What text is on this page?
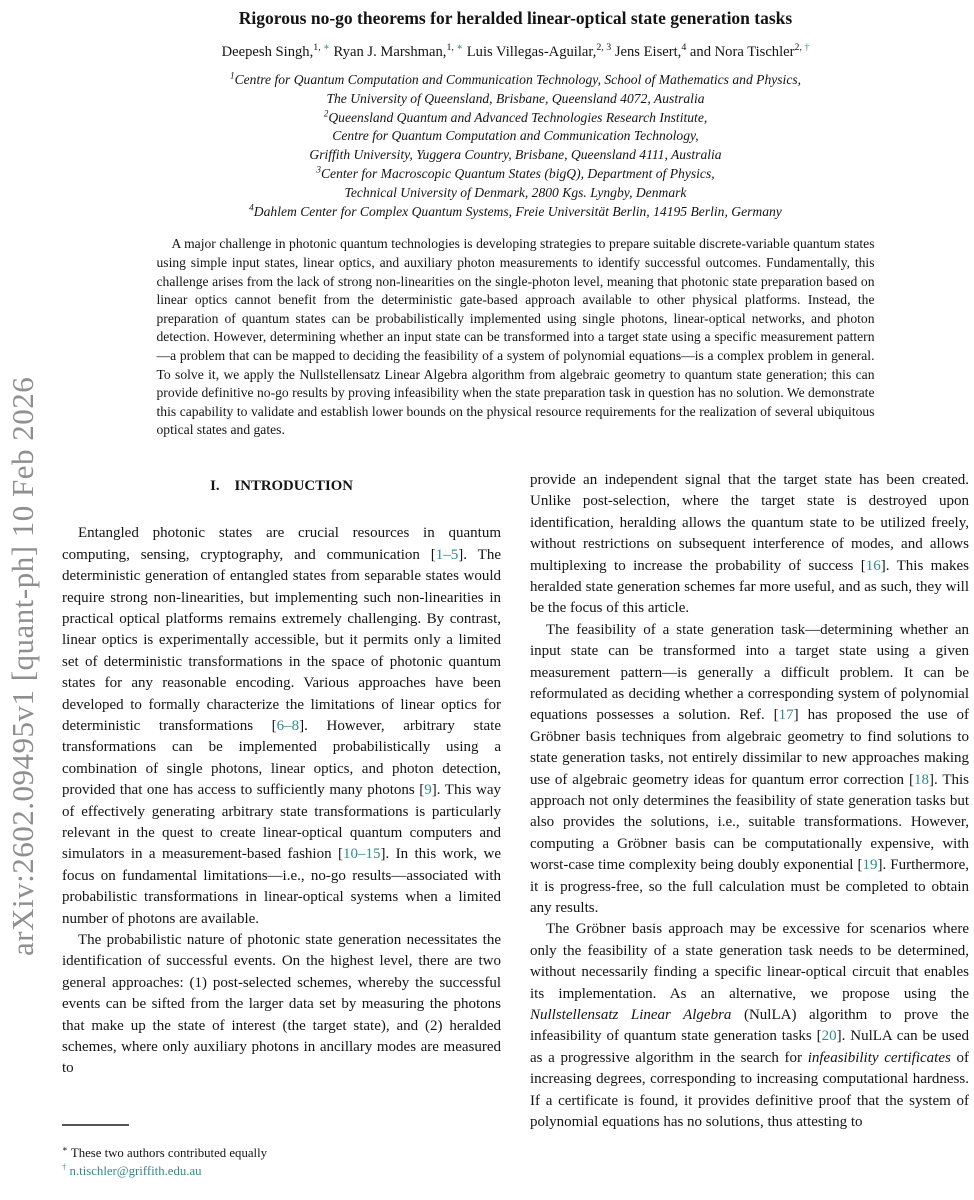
arXiv:2602.09495v1 [quant-ph] 10 Feb 2026
Rigorous no-go theorems for heralded linear-optical state generation tasks
Deepesh Singh,$^{1, ∗}$ Ryan J. Marshman,$^{1, ∗}$ Luis Villegas-Aguilar,$^{2, 3}$ Jens Eisert,$^4$ and Nora Tischler$^{2, \dagger}$
$^1$Centre for Quantum Computation and Communication Technology, School of Mathematics and Physics,
The University of Queensland, Brisbane, Queensland 4072, Australia
$^2$Queensland Quantum and Advanced Technologies Research Institute,
Centre for Quantum Computation and Communication Technology,
Griffith University, Yuggera Country, Brisbane, Queensland 4111, Australia
$^3$Center for Macroscopic Quantum States (bigQ), Department of Physics,
Technical University of Denmark, 2800 Kgs. Lyngby, Denmark
$^4$Dahlem Center for Complex Quantum Systems, Freie Universität Berlin, 14195 Berlin, Germany
A major challenge in photonic quantum technologies is developing strategies to prepare suitable discrete-variable quantum states using simple input states, linear optics, and auxiliary photon measurements to identify successful outcomes. Fundamentally, this challenge arises from the lack of strong non-linearities on the single-photon level, meaning that photonic state preparation based on linear optics cannot benefit from the deterministic gate-based approach available to other physical platforms. Instead, the preparation of quantum states can be probabilistically implemented using single photons, linear-optical networks, and photon detection. However, determining whether an input state can be transformed into a target state using a specific measurement pattern—a problem that can be mapped to deciding the feasibility of a system of polynomial equations—is a complex problem in general. To solve it, we apply the Nullstellensatz Linear Algebra algorithm from algebraic geometry to quantum state generation; this can provide definitive no-go results by proving infeasibility when the state preparation task in question has no solution. We demonstrate this capability to validate and establish lower bounds on the physical resource requirements for the realization of several ubiquitous optical states and gates.
I. INTRODUCTION

Entangled photonic states are crucial resources in quantum computing, sensing, cryptography, and communication [1–5]. The deterministic generation of entangled states from separable states would require strong non-linearities, but implementing such non-linearities in practical optical platforms remains extremely challenging. By contrast, linear optics is experimentally accessible, but it permits only a limited set of deterministic transformations in the space of photonic quantum states for any reasonable encoding. Various approaches have been developed to formally characterize the limitations of linear optics for deterministic transformations [6–8]. However, arbitrary state transformations can be implemented probabilistically using a combination of single photons, linear optics, and photon detection, provided that one has access to sufficiently many photons [9]. This way of effectively generating arbitrary state transformations is particularly relevant in the quest to create linear-optical quantum computers and simulators in a measurement-based fashion [10–15]. In this work, we focus on fundamental limitations—i.e., no-go results—associated with probabilistic transformations in linear-optical systems when a limited number of photons are available.

The probabilistic nature of photonic state generation necessitates the identification of successful events. On the highest level, there are two general approaches: (1) post-selected schemes, whereby the successful events can be sifted from the larger data set by measuring the photons that make up the state of interest (the target state), and (2) heralded schemes, where only auxiliary photons in ancillary modes are measured to

provide an independent signal that the target state has been created. Unlike post-selection, where the target state is destroyed upon identification, heralding allows the quantum state to be utilized freely, without restrictions on subsequent interference of modes, and allows multiplexing to increase the probability of success [16]. This makes heralded state generation schemes far more useful, and as such, they will be the focus of this article.

The feasibility of a state generation task—determining whether an input state can be transformed into a target state using a given measurement pattern—is generally a difficult problem. It can be reformulated as deciding whether a corresponding system of polynomial equations possesses a solution. Ref. [17] has proposed the use of Gröbner basis techniques from algebraic geometry to find solutions to state generation tasks, not entirely dissimilar to new approaches making use of algebraic geometry ideas for quantum error correction [18]. This approach not only determines the feasibility of state generation tasks but also provides the solutions, i.e., suitable transformations. However, computing a Gröbner basis can be computationally expensive, with worst-case time complexity being doubly exponential [19]. Furthermore, it is progress-free, so the full calculation must be completed to obtain any results.

The Gröbner basis approach may be excessive for scenarios where only the feasibility of a state generation task needs to be determined, without necessarily finding a specific linear-optical circuit that enables its implementation. As an alternative, we propose using the Nullstellensatz Linear Algebra (NulLA) algorithm to prove the infeasibility of quantum state generation tasks [20]. NulLA can be used as a progressive algorithm in the search for infeasibility certificates of increasing degrees, corresponding to increasing computational hardness. If a certificate is found, it provides definitive proof that the system of polynomial equations has no solutions, thus attesting to

∗ These two authors contributed equally
† n.tischler@griffith.edu.au
